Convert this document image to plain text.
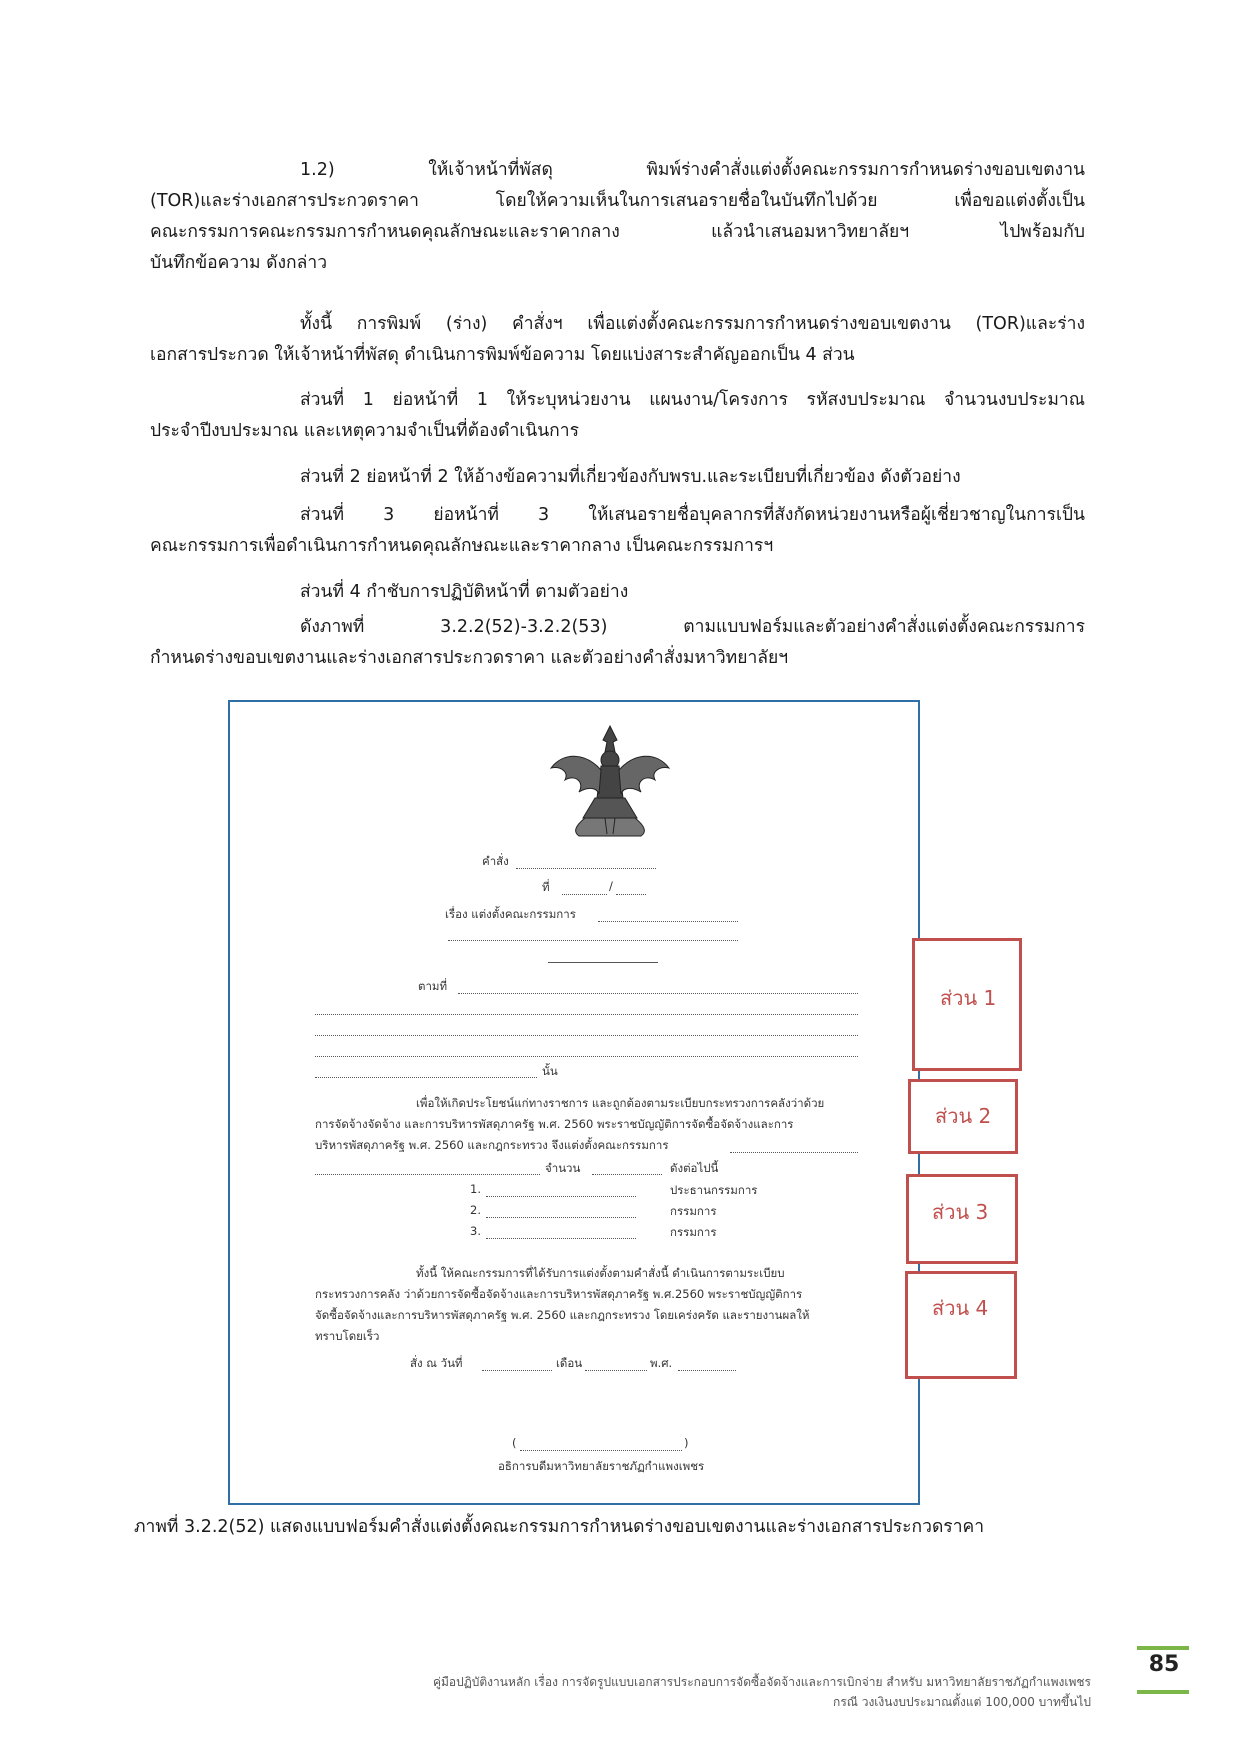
1.2) ให้เจ้าหน้าที่พัสดุ พิมพ์ร่างคำสั่งแต่งตั้งคณะกรรมการกำหนดร่างขอบเขตงาน
(TOR)และร่างเอกสารประกวดราคา โดยให้ความเห็นในการเสนอรายชื่อในบันทึกไปด้วย เพื่อขอแต่งตั้งเป็น
คณะกรรมการคณะกรรมการกำหนดคุณลักษณะและราคากลาง แล้วนำเสนอมหาวิทยาลัยฯ ไปพร้อมกับ
บันทึกข้อความ ดังกล่าว
ทั้งนี้ การพิมพ์ (ร่าง) คำสั่งฯ เพื่อแต่งตั้งคณะกรรมการกำหนดร่างขอบเขตงาน (TOR)และร่าง
เอกสารประกวด ให้เจ้าหน้าที่พัสดุ ดำเนินการพิมพ์ข้อความ โดยแบ่งสาระสำคัญออกเป็น 4 ส่วน
ส่วนที่ 1 ย่อหน้าที่ 1 ให้ระบุหน่วยงาน แผนงาน/โครงการ รหัสงบประมาณ จำนวนงบประมาณ
ประจำปีงบประมาณ และเหตุความจำเป็นที่ต้องดำเนินการ
ส่วนที่ 2 ย่อหน้าที่ 2 ให้อ้างข้อความที่เกี่ยวข้องกับพรบ.และระเบียบที่เกี่ยวข้อง ดังตัวอย่าง
ส่วนที่ 3 ย่อหน้าที่ 3 ให้เสนอรายชื่อบุคลากรที่สังกัดหน่วยงานหรือผู้เชี่ยวชาญในการเป็น
คณะกรรมการเพื่อดำเนินการกำหนดคุณลักษณะและราคากลาง เป็นคณะกรรมการฯ
ส่วนที่ 4 กำชับการปฏิบัติหน้าที่ ตามตัวอย่าง
ดังภาพที่ 3.2.2(52)-3.2.2(53) ตามแบบฟอร์มและตัวอย่างคำสั่งแต่งตั้งคณะกรรมการ
กำหนดร่างขอบเขตงานและร่างเอกสารประกวดราคา และตัวอย่างคำสั่งมหาวิทยาลัยฯ
คำสั่ง
ที่	/
เรื่อง แต่งตั้งคณะกรรมการ
ตามที่
นั้น
เพื่อให้เกิดประโยชน์แก่ทางราชการ และถูกต้องตามระเบียบกระทรวงการคลังว่าด้วย
การจัดจ้างจัดจ้าง และการบริหารพัสดุภาครัฐ พ.ศ. 2560 พระราชบัญญัติการจัดซื้อจัดจ้างและการ
บริหารพัสดุภาครัฐ พ.ศ. 2560 และกฎกระทรวง จึงแต่งตั้งคณะกรรมการ
จำนวน	ดังต่อไปนี้
1.	ประธานกรรมการ
2.	กรรมการ
3.	กรรมการ
ทั้งนี้ ให้คณะกรรมการที่ได้รับการแต่งตั้งตามคำสั่งนี้ ดำเนินการตามระเบียบ
กระทรวงการคลัง ว่าด้วยการจัดซื้อจัดจ้างและการบริหารพัสดุภาครัฐ พ.ศ.2560 พระราชบัญญัติการ
จัดซื้อจัดจ้างและการบริหารพัสดุภาครัฐ พ.ศ. 2560 และกฎกระทรวง โดยเคร่งครัด และรายงานผลให้
ทราบโดยเร็ว
สั่ง ณ วันที่	เดือน	พ.ศ.
(	)
อธิการบดีมหาวิทยาลัยราชภัฏกำแพงเพชร
ส่วน 1
ส่วน 2
ส่วน 3
ส่วน 4
ภาพที่ 3.2.2(52) แสดงแบบฟอร์มคำสั่งแต่งตั้งคณะกรรมการกำหนดร่างขอบเขตงานและร่างเอกสารประกวดราคา
คู่มือปฏิบัติงานหลัก เรื่อง การจัดรูปแบบเอกสารประกอบการจัดซื้อจัดจ้างและการเบิกจ่าย สำหรับ มหาวิทยาลัยราชภัฏกำแพงเพชร
กรณี วงเงินงบประมาณตั้งแต่ 100,000 บาทขึ้นไป
85
